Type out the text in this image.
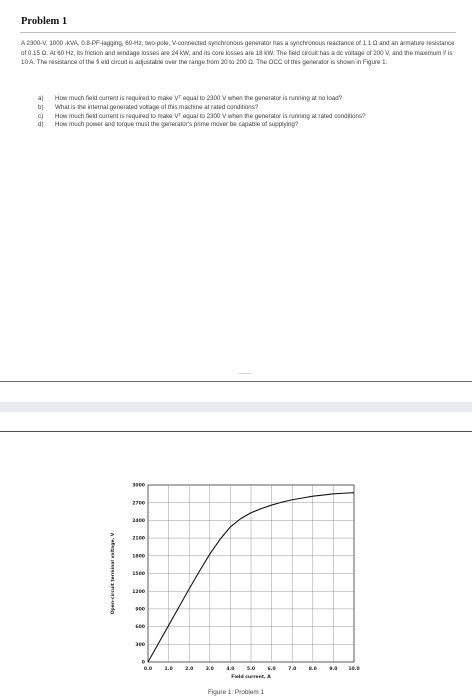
Problem 1

A 2300-V, 1000 -kVA, 0.8-PF-lagging, 60-Hz, two-pole, V-connected synchronous generator has a synchronous reactance of 1.1 Ω and an armature resistance of 0.15 Ω. At 60 Hz, its friction and windage losses are 24 kW, and its core losses are 18 kW. The field circuit has a dc voltage of 200 V, and the maximum Iᶠ is 10 A. The resistance of the fi eld circuit is adjustable over the range from 20 to 200 Ω. The OCC of this generator is shown in Figure 1.

a) How much field current is required to make Vᵀ equal to 2300 V when the generator is running at no load?
b) What is the internal generated voltage of this machine at rated conditions?
c) How much field current is required to make Vᵀ equal to 2300 V when the generator is running at rated conditions?
d) How much power and torque must the generator's prime mover be capable of supplying?
0.0	1.0	2.0	3.0	4.0	5.0	6.0	7.0	8.0	9.0 10.0
0
300
600
900
1200
1500
1800
2100
2400
2700
3000
Field current, A
Open-circuit terminal voltage, V

Figure 1: Problem 1
